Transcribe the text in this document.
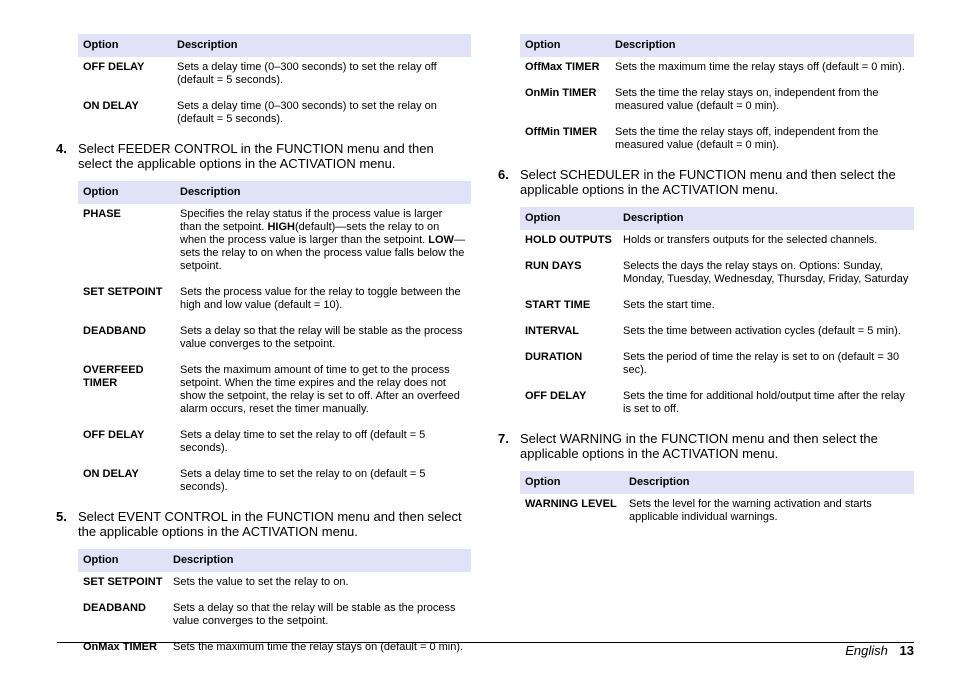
Option	Description
OFF DELAY	Sets a delay time (0–300 seconds) to set the relay off (default = 5 seconds).
ON DELAY	Sets a delay time (0–300 seconds) to set the relay on (default = 5 seconds).
4. Select FEEDER CONTROL in the FUNCTION menu and then select the applicable options in the ACTIVATION menu.
Option	Description
PHASE	Specifies the relay status if the process value is larger than the setpoint. HIGH(default)—sets the relay to on when the process value is larger than the setpoint. LOW—sets the relay to on when the process value falls below the setpoint.
SET SETPOINT	Sets the process value for the relay to toggle between the high and low value (default = 10).
DEADBAND	Sets a delay so that the relay will be stable as the process value converges to the setpoint.
OVERFEED TIMER	Sets the maximum amount of time to get to the process setpoint. When the time expires and the relay does not show the setpoint, the relay is set to off. After an overfeed alarm occurs, reset the timer manually.
OFF DELAY	Sets a delay time to set the relay to off (default = 5 seconds).
ON DELAY	Sets a delay time to set the relay to on (default = 5 seconds).
5. Select EVENT CONTROL in the FUNCTION menu and then select the applicable options in the ACTIVATION menu.
Option	Description
SET SETPOINT	Sets the value to set the relay to on.
DEADBAND	Sets a delay so that the relay will be stable as the process value converges to the setpoint.
OnMax TIMER	Sets the maximum time the relay stays on (default = 0 min).
Option	Description
OffMax TIMER	Sets the maximum time the relay stays off (default = 0 min).
OnMin TIMER	Sets the time the relay stays on, independent from the measured value (default = 0 min).
OffMin TIMER	Sets the time the relay stays off, independent from the measured value (default = 0 min).
6. Select SCHEDULER in the FUNCTION menu and then select the applicable options in the ACTIVATION menu.
Option	Description
HOLD OUTPUTS	Holds or transfers outputs for the selected channels.
RUN DAYS	Selects the days the relay stays on. Options: Sunday, Monday, Tuesday, Wednesday, Thursday, Friday, Saturday
START TIME	Sets the start time.
INTERVAL	Sets the time between activation cycles (default = 5 min).
DURATION	Sets the period of time the relay is set to on (default = 30 sec).
OFF DELAY	Sets the time for additional hold/output time after the relay is set to off.
7. Select WARNING in the FUNCTION menu and then select the applicable options in the ACTIVATION menu.
Option	Description
WARNING LEVEL	Sets the level for the warning activation and starts applicable individual warnings.
English 13
